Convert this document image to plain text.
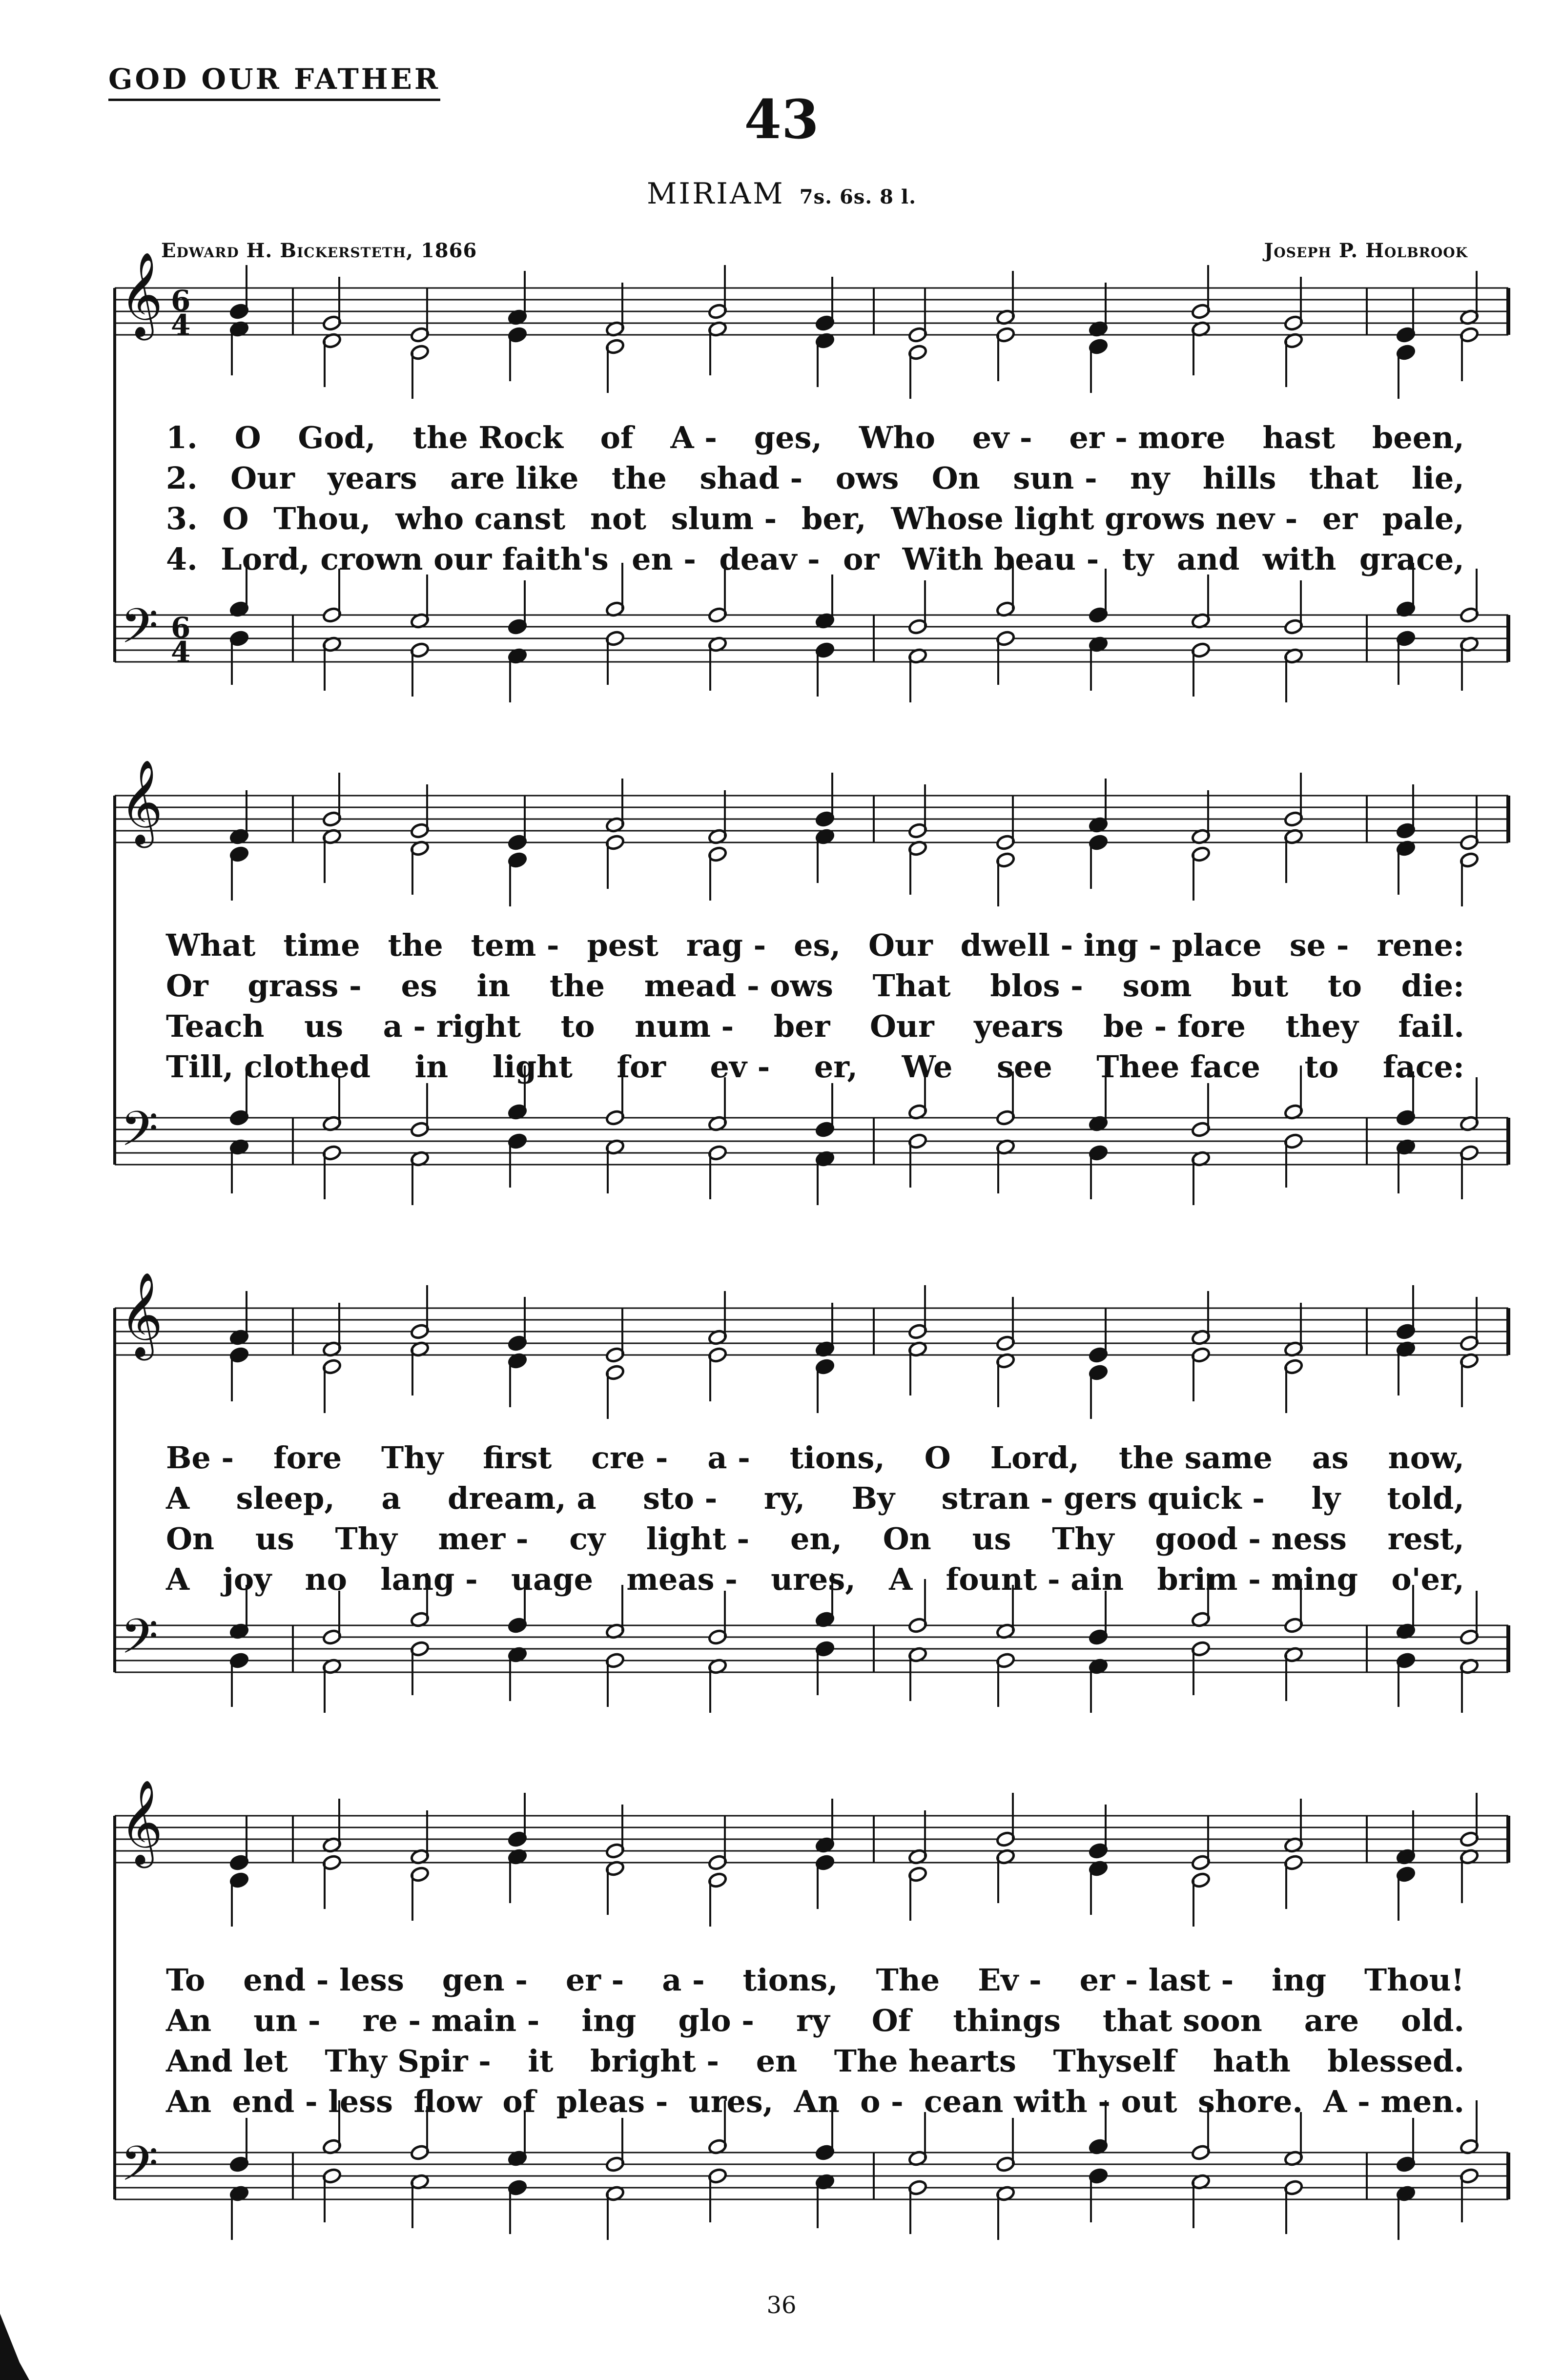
GOD OUR FATHER
43
MIRIAM 7s. 6s. 8 l.
Edward H. Bickersteth, 1866	Joseph P. Holbrook
𝄞
𝄢
6
4
6
4
𝄞
𝄢
𝄞
𝄢
𝄞
𝄢
1. O God, the Rock of A - ges, Who ev - er - more hast been,
2. Our years are like the shad - ows On sun - ny hills that lie,
3. O Thou, who canst not slum - ber, Whose light grows nev - er pale,
4. Lord, crown our faith's en - deav - or With beau - ty and with grace,
What time the tem - pest rag - es, Our dwell - ing - place se - rene:
Or grass - es in the mead - ows That blos - som but to die:
Teach us a - right to num - ber Our years be - fore they fail.
Till, clothed in light for ev - er, We see Thee face to face:
Be - fore Thy first cre - a - tions, O Lord, the same as now,
A sleep, a dream, a sto - ry, By stran - gers quick - ly told,
On us Thy mer - cy light - en, On us Thy good - ness rest,
A joy no lang - uage meas - ures, A fount - ain brim - ming o'er,
To end - less gen - er - a - tions, The Ev - er - last - ing Thou!
An un - re - main - ing glo - ry Of things that soon are old.
And let Thy Spir - it bright - en The hearts Thyself hath blessed.
An end - less flow of pleas - ures, An o - cean with - out shore. A - men.
36
